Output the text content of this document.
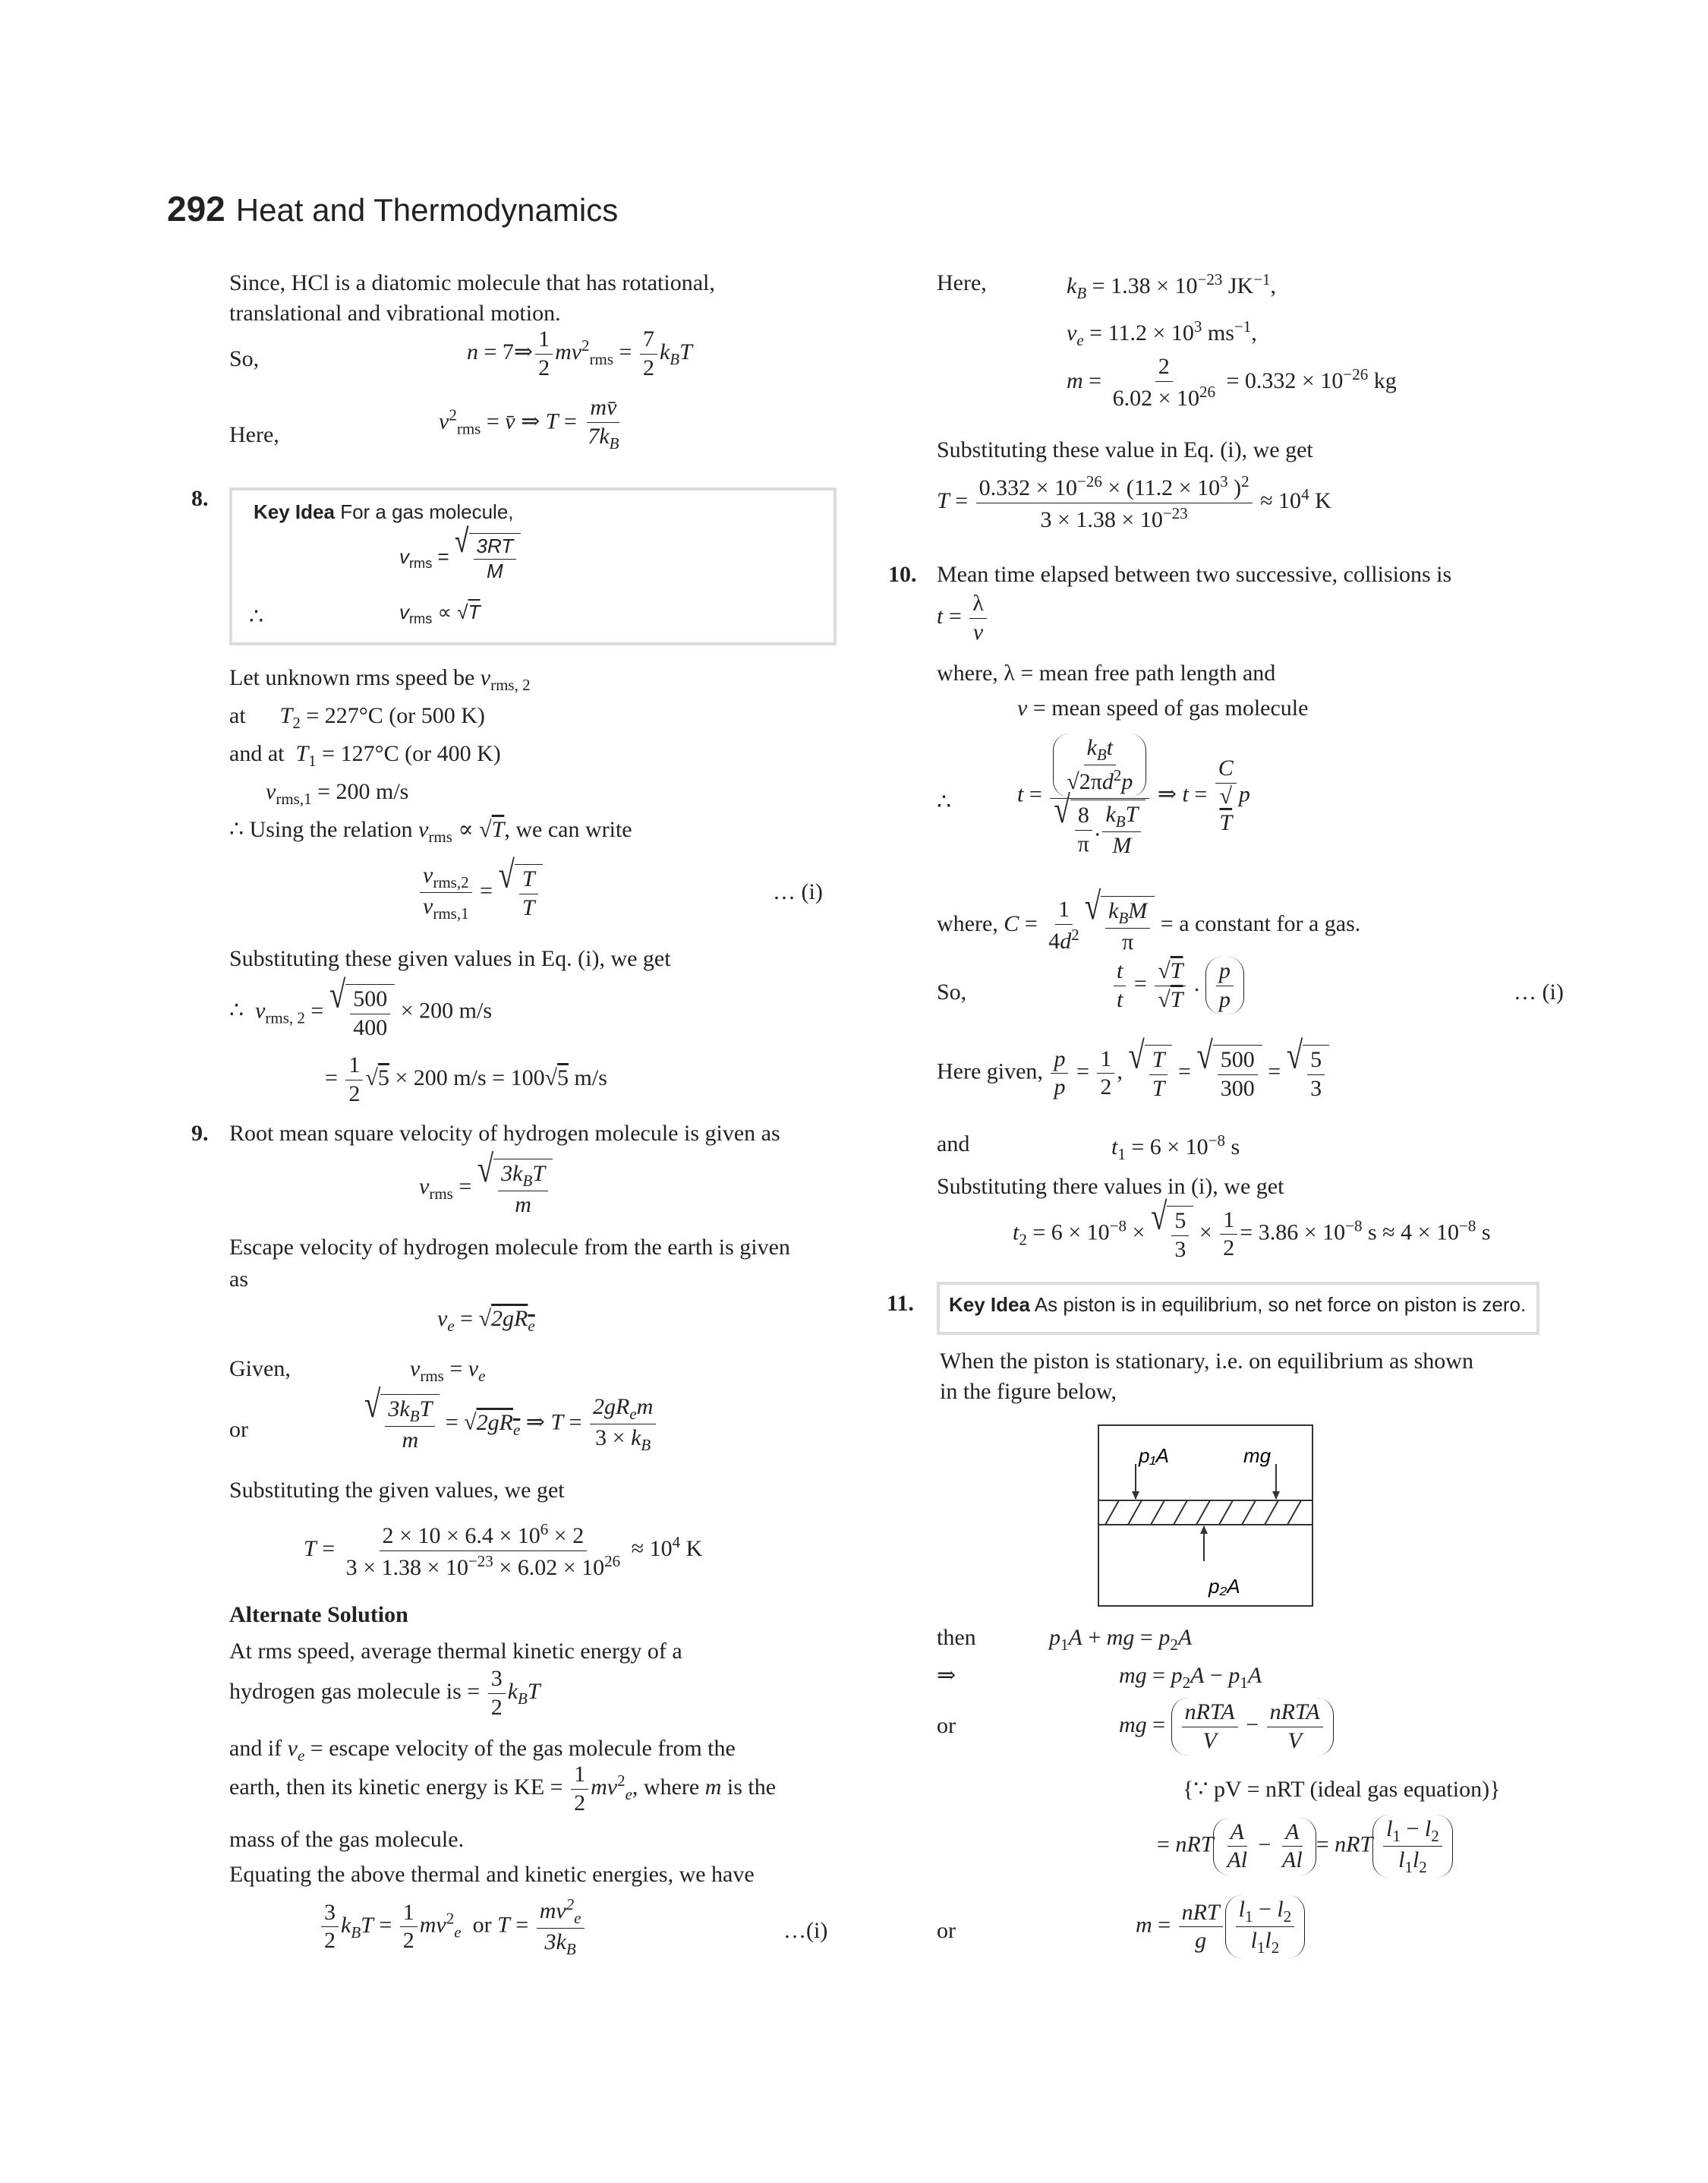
292 Heat and Thermodynamics
Since, HCl is a diatomic molecule that has rotational,
translational and vibrational motion.
So,	n = 7⇒ $\frac{1}{2} mv^2_{rms} = \frac{7}{2} k_BT$
Here,
$v^2_{rms}$ = v̄ ⇒ $T = \frac{mv̄}{7k_B}$
8.
Key Idea For a gas molecule,
$v_{rms}$ = √ $\frac{3RT}{M}$
∴	$v_{rms} \propto √T$
Let unknown rms speed be $v_{rms, 2}$
at $T_2 = 227^\circ C$ (or 500 K)
and at $T_1 = 127^\circ C$ (or 400 K)
$v_{rms,1} = 200$ m/s
∴ Using the relation $v_{rms} \propto √T$, we can write
$v_{rms,2}$
$v_{rms,1}$
= √ $\frac{T}{T}$	… (i)
Substituting these given values in Eq. (i), we get
∴  $v_{rms, 2}$ = √ $\frac{500}{400} \times 200$ m/s
= $\frac{1}{2} √5 \times 200$ m/s = 100√5 m/s
9. Root mean square velocity of hydrogen molecule is given as
$v_{rms}$ = √ $3k_BT$
m
Escape velocity of hydrogen molecule from the earth is given
as
$v_e = √2gR_e$
Given,	$v_{rms} = v_e$
or
√ $3k_BT$
m
= $√2gR_e$ ⇒ T =
$2gR_em$
$3 \times k_B$
Substituting the given values, we get
$T = \frac{2 \times 10 \times 6.4 \times 10^6 \times 2}{3 \times 1.38 \times 10^{-23} \times 6.02 \times 10^{26}} \approx 10^4$ K
Alternate Solution
At rms speed, average thermal kinetic energy of a
hydrogen gas molecule is = $\frac{3}{2} k_BT$
and if $v_e$ = escape velocity of the gas molecule from the
earth, then its kinetic energy is KE = $\frac{1}{2} mv^2_e$, where m is the
mass of the gas molecule.
Equating the above thermal and kinetic energies, we have
$\frac{3}{2} k_BT = \frac{1}{2} mv^2_e$  or $T = \frac{mv^2_e}{3k_B}$	…(i)
Here,	$k_B = 1.38 \times 10^{-23}$ $JK^{-1}$,
$v_e = 11.2 \times 10^3$ $ms^{-1}$,
$m = \frac{2}{6.02 \times 10^{26}} = 0.332 \times 10^{-26}$ kg
Substituting these value in Eq. (i), we get
$T = \frac{0.332 \times 10^{-26} \times (11.2 \times 10^3 )^2}{3 \times 1.38 \times 10^{-23}} \approx 10^4$ K
10. Mean time elapsed between two successive, collisions is
$t = \frac{\lambda}{v}$
where, λ = mean free path length and
v = mean speed of gas molecule
∴	t =
$k_Bt$
$√2\pi d^2p$
√ $\frac{8}{\pi}$ .
$k_BT$
M
⇒ t =
C
√
T
p
where, $C = \frac{1}{4d^2}$ √ $k_BM$
π
= a constant for a gas.
So,	$\frac{t}{t} = \frac{√T}{√T}$ . $\frac{p}{p}$	… (i)
Here given, $\frac{p}{p} = \frac{1}{2}$ , √ $\frac{T}{T}$ = √ $\frac{500}{300}$ = √ $\frac{5}{3}$
and	$t_1 = 6 \times 10^{-8}$ s
Substituting there values in (i), we get
$t_2 = 6 \times 10^{-8}$ × √ $\frac{5}{3} \times \frac{1}{2} = 3.86 \times 10^{-8}$ $s \approx 4 \times 10^{-8}$ s
11. Key Idea As piston is in equilibrium, so net force on piston is zero.
When the piston is stationary, i.e. on equilibrium as shown
in the figure below,
p₁A	mg
p₂A
then	$p_1A$ + mg = $p_2A$
⇒	mg = $p_2A - p_1A$
or	mg =
nRTA
V
−
nRTA
V
{∵ pV = nRT (ideal gas equation)}
= nRT $\frac{A}{Al} - \frac{A}{Al}$ = nRT $\frac{l_1 - l_2}{l_1l_2}$
or	m =
nRT
g $\frac{l_1 - l_2}{l_1l_2}$
